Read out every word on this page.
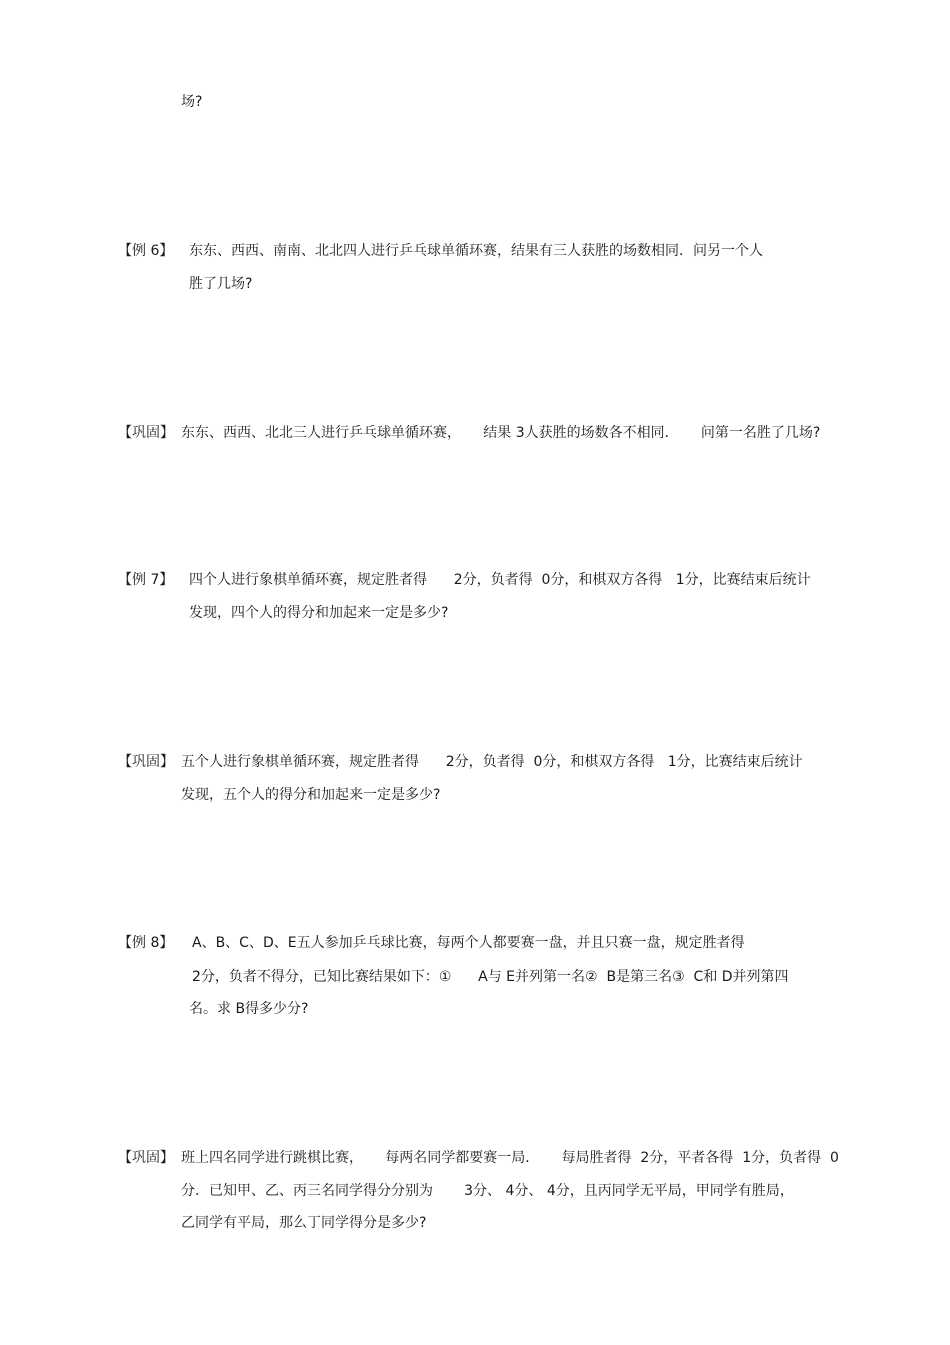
场?
【例 6】 东东、西西、南南、北北四人进行乒乓球单循环赛，结果有三人获胜的场数相同．问另一个人
胜了几场?
【巩固】 东东、西西、北北三人进行乒乓球单循环赛，     结果 3人获胜的场数各不相同．     问第一名胜了几场?
【例 7】 四个人进行象棋单循环赛，规定胜者得      2分，负者得  0分，和棋双方各得   1分，比赛结束后统计
发现，四个人的得分和加起来一定是多少?
【巩固】 五个人进行象棋单循环赛，规定胜者得      2分，负者得  0分，和棋双方各得   1分，比赛结束后统计
发现，五个人的得分和加起来一定是多少?
【例 8】 A、B、C、D、E五人参加乒乓球比赛，每两个人都要赛一盘，并且只赛一盘，规定胜者得
2分，负者不得分，已知比赛结果如下：①      A与 E并列第一名②  B是第三名③  C和 D并列第四
名。求 B得多少分?
【巩固】 班上四名同学进行跳棋比赛，     每两名同学都要赛一局．     每局胜者得  2分，平者各得  1分，负者得  0
分．已知甲、乙、丙三名同学得分分别为       3分、 4分、 4分，且丙同学无平局，甲同学有胜局，
乙同学有平局，那么丁同学得分是多少?
